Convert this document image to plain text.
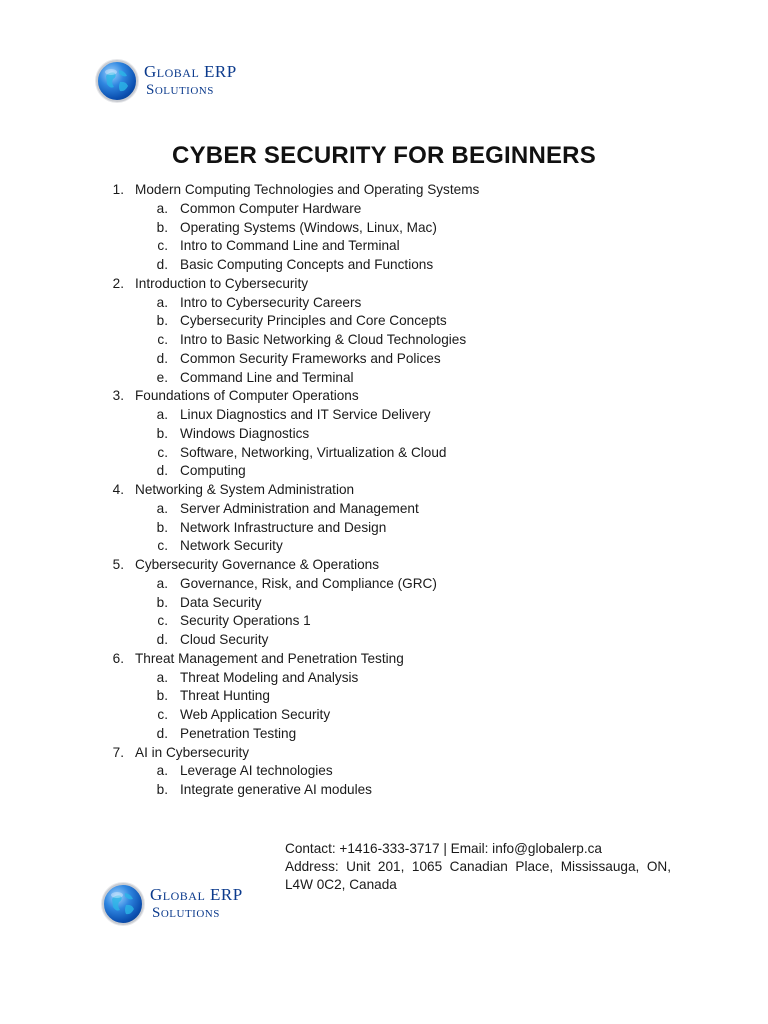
Global ERP
Solutions
CYBER SECURITY FOR BEGINNERS
1. Modern Computing Technologies and Operating Systems
a. Common Computer Hardware
b. Operating Systems (Windows, Linux, Mac)
c. Intro to Command Line and Terminal
d. Basic Computing Concepts and Functions
2. Introduction to Cybersecurity
a. Intro to Cybersecurity Careers
b. Cybersecurity Principles and Core Concepts
c. Intro to Basic Networking & Cloud Technologies
d. Common Security Frameworks and Polices
e. Command Line and Terminal
3. Foundations of Computer Operations
a. Linux Diagnostics and IT Service Delivery
b. Windows Diagnostics
c. Software, Networking, Virtualization & Cloud
d. Computing
4. Networking & System Administration
a. Server Administration and Management
b. Network Infrastructure and Design
c. Network Security
5. Cybersecurity Governance & Operations
a. Governance, Risk, and Compliance (GRC)
b. Data Security
c. Security Operations 1
d. Cloud Security
6. Threat Management and Penetration Testing
a. Threat Modeling and Analysis
b. Threat Hunting
c. Web Application Security
d. Penetration Testing
7. AI in Cybersecurity
a. Leverage AI technologies
b. Integrate generative AI modules
Global ERP
Solutions
Contact: +1416-333-3717 | Email: info@globalerp.ca
Address: Unit 201, 1065 Canadian Place, Mississauga, ON,
L4W 0C2, Canada
